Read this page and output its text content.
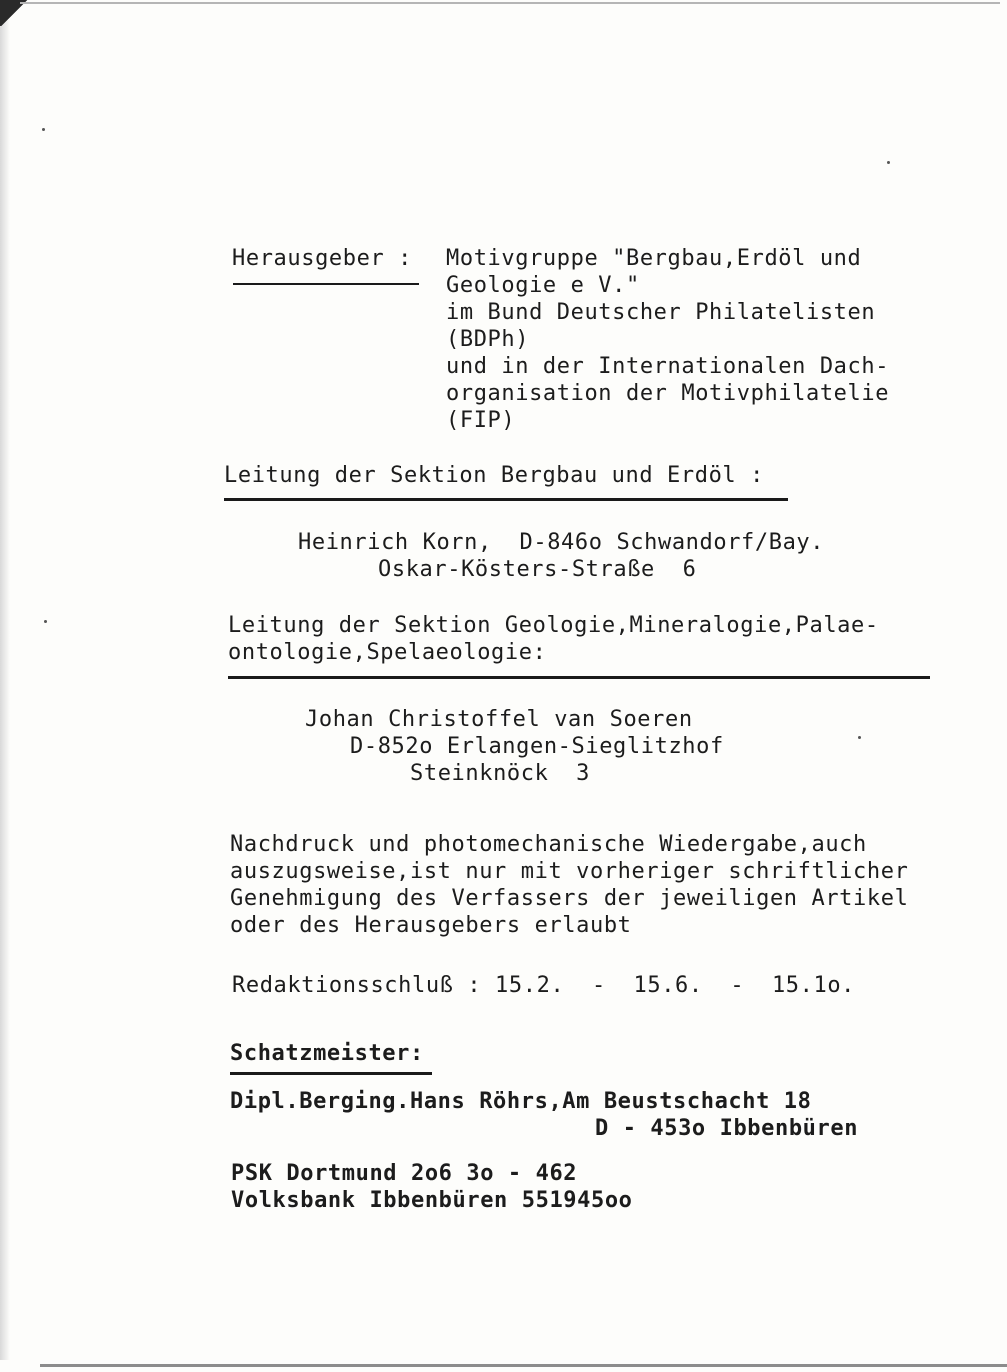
Herausgeber : Motivgruppe "Bergbau,Erdöl und
Geologie e V."
im Bund Deutscher Philatelisten
(BDPh)
und in der Internationalen Dach-
organisation der Motivphilatelie
(FIP)
Leitung der Sektion Bergbau und Erdöl :
Heinrich Korn,  D-846o Schwandorf/Bay.
Oskar-Kösters-Straße  6
Leitung der Sektion Geologie,Mineralogie,Palae-
ontologie,Spelaeologie:
Johan Christoffel van Soeren
D-852o Erlangen-Sieglitzhof
Steinknöck  3
Nachdruck und photomechanische Wiedergabe,auch
auszugsweise,ist nur mit vorheriger schriftlicher
Genehmigung des Verfassers der jeweiligen Artikel
oder des Herausgebers erlaubt
Redaktionsschluß : 15.2.  -  15.6.  -  15.1o.
Schatzmeister:
Dipl.Berging.Hans Röhrs,Am Beustschacht 18
D - 453o Ibbenbüren
PSK Dortmund 2o6 3o - 462
Volksbank Ibbenbüren 551945oo
